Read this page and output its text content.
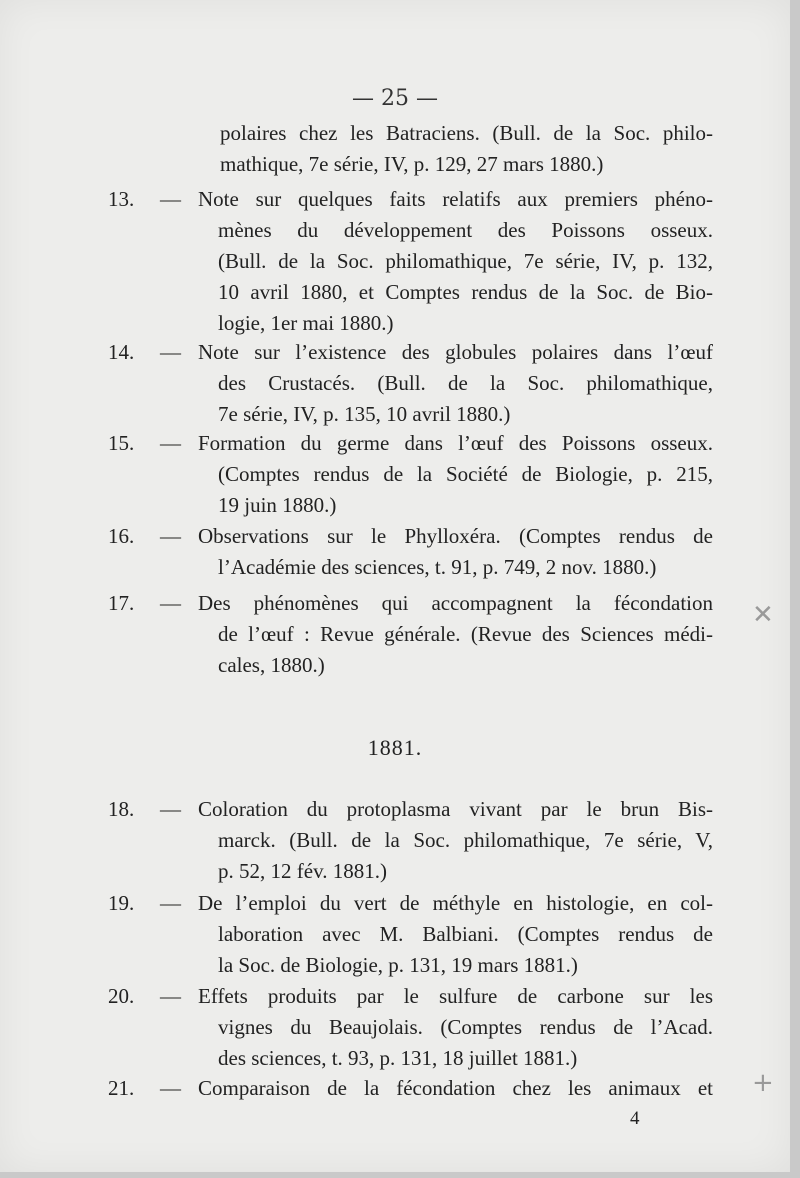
— 25 —
polaires chez les Batraciens. (Bull. de la Soc. philo-
mathique, 7e série, IV, p. 129, 27 mars 1880.)
13.	— Note sur quelques faits relatifs aux premiers phéno-
mènes du développement des Poissons osseux.
(Bull. de la Soc. philomathique, 7e série, IV, p. 132,
10 avril 1880, et Comptes rendus de la Soc. de Bio-
logie, 1er mai 1880.)
14.	— Note sur l’existence des globules polaires dans l’œuf
des Crustacés. (Bull. de la Soc. philomathique,
7e série, IV, p. 135, 10 avril 1880.)
15.	— Formation du germe dans l’œuf des Poissons osseux.
(Comptes rendus de la Société de Biologie, p. 215,
19 juin 1880.)
16.	— Observations sur le Phylloxéra. (Comptes rendus de
l’Académie des sciences, t. 91, p. 749, 2 nov. 1880.)
17.	— Des phénomènes qui accompagnent la fécondation
de l’œuf : Revue générale. (Revue des Sciences médi-
cales, 1880.)
1881.
18.	— Coloration du protoplasma vivant par le brun Bis-
marck. (Bull. de la Soc. philomathique, 7e série, V,
p. 52, 12 fév. 1881.)
19.	— De l’emploi du vert de méthyle en histologie, en col-
laboration avec M. Balbiani. (Comptes rendus de
la Soc. de Biologie, p. 131, 19 mars 1881.)
20.	— Effets produits par le sulfure de carbone sur les
vignes du Beaujolais. (Comptes rendus de l’Acad.
des sciences, t. 93, p. 131, 18 juillet 1881.)
21.	— Comparaison de la fécondation chez les animaux et
4
✕
+
